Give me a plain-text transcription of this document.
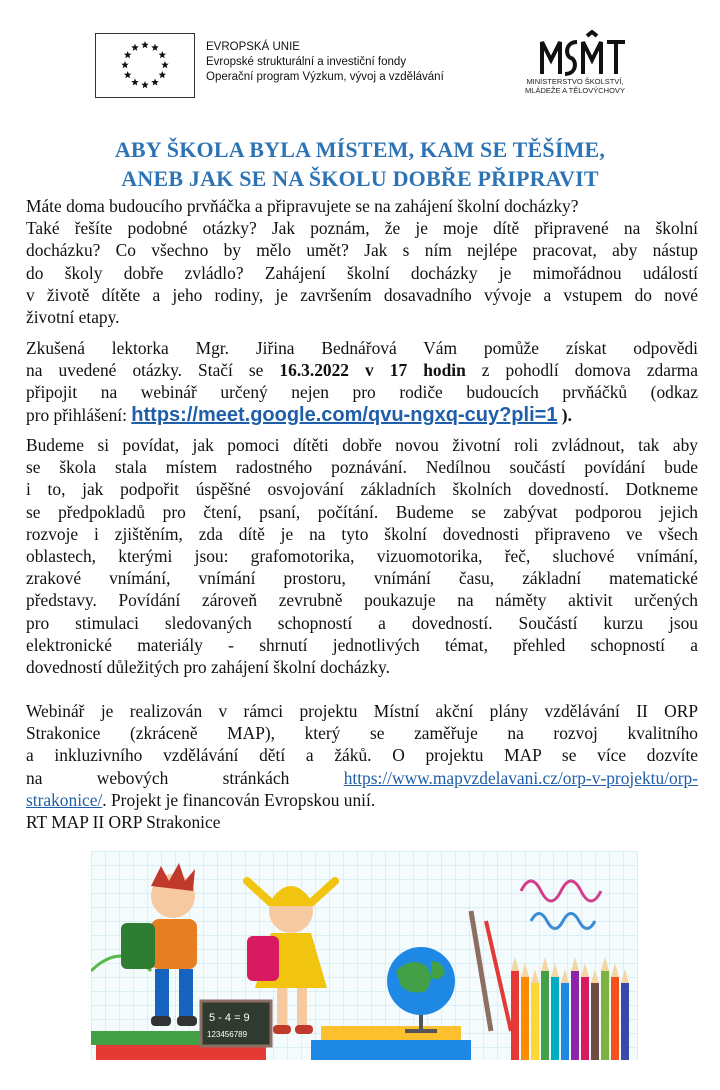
EVROPSKÁ UNIE
Evropské strukturální a investiční fondy
Operační program Výzkum, vývoj a vzdělávání	MINISTERSTVO ŠKOLSTVÍ,
MLÁDEŽE A TĚLOVÝCHOVY
ABY ŠKOLA BYLA MÍSTEM, KAM SE TĚŠÍME,
ANEB JAK SE NA ŠKOLU DOBŘE PŘIPRAVIT
Máte doma budoucího prvňáčka a připravujete se na zahájení školní docházky?
Také řešíte podobné otázky? Jak poznám, že je moje dítě připravené na školní
docházku? Co všechno by mělo umět? Jak s ním nejlépe pracovat, aby nástup
do školy dobře zvládlo? Zahájení školní docházky je mimořádnou událostí
v životě dítěte a jeho rodiny, je završením dosavadního vývoje a vstupem do nové
životní etapy.
Zkušená lektorka Mgr. Jiřina Bednářová Vám pomůže získat odpovědi
na uvedené otázky. Stačí se 16.3.2022 v 17 hodin z pohodlí domova zdarma
připojit na webinář určený nejen pro rodiče budoucích prvňáčků (odkaz
pro přihlášení: https://meet.google.com/qvu-ngxq-cuy?pli=1 ).
Budeme si povídat, jak pomoci dítěti dobře novou životní roli zvládnout, tak aby
se škola stala místem radostného poznávání. Nedílnou součástí povídání bude
i to, jak podpořit úspěšné osvojování základních školních dovedností. Dotkneme
se předpokladů pro čtení, psaní, počítání. Budeme se zabývat podporou jejich
rozvoje i zjištěním, zda dítě je na tyto školní dovednosti připraveno ve všech
oblastech, kterými jsou: grafomotorika, vizuomotorika, řeč, sluchové vnímání,
zrakové vnímání, vnímání prostoru, vnímání času, základní matematické
představy. Povídání zároveň zevrubně poukazuje na náměty aktivit určených
pro stimulaci sledovaných schopností a dovedností. Součástí kurzu jsou
elektronické materiály - shrnutí jednotlivých témat, přehled schopností a
dovedností důležitých pro zahájení školní docházky.
Webinář je realizován v rámci projektu Místní akční plány vzdělávání II ORP
Strakonice (zkráceně MAP), který se zaměřuje na rozvoj kvalitního
a inkluzivního vzdělávání dětí a žáků. O projektu MAP se více dozvíte
na webových stránkách https://www.mapvzdelavani.cz/orp-v-projektu/orp-
strakonice/. Projekt je financován Evropskou unií.
RT MAP II ORP Strakonice
5 - 4 = 9
123456789
